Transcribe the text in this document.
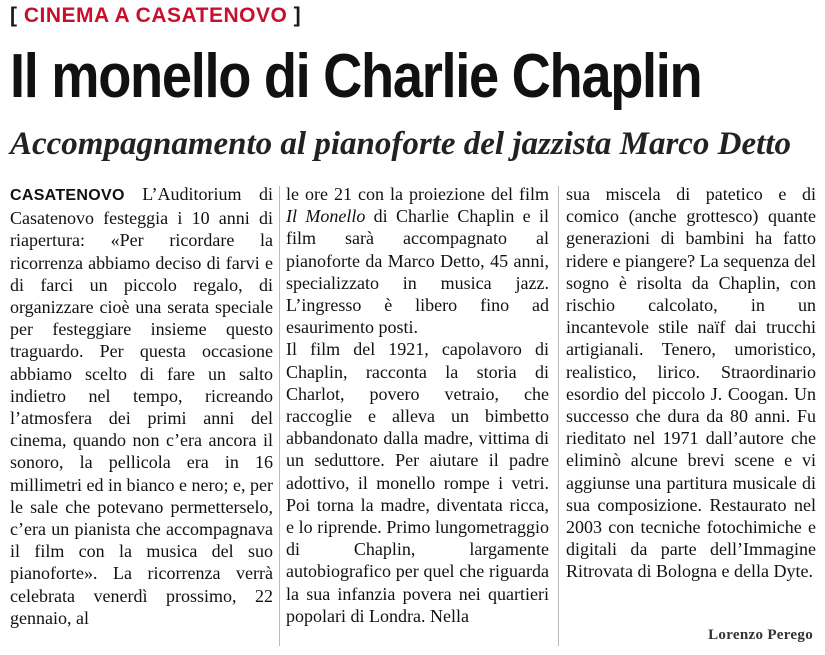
[ CINEMA A CASATENOVO ]
Il monello di Charlie Chaplin
Accompagnamento al pianoforte del jazzista Marco Detto

CASATENOVO L’Auditorium di Casatenovo festeggia i 10 anni di riapertura: «Per ricordare la ricorrenza abbiamo deciso di farvi e di farci un piccolo regalo, di organizzare cioè una serata speciale per festeggiare insieme questo traguardo. Per questa occasione abbiamo scelto di fare un salto indietro nel tempo, ricreando l’atmosfera dei primi anni del cinema, quando non c’era ancora il sonoro, la pellicola era in 16 millimetri ed in bianco e nero; e, per le sale che potevano permetterselo, c’era un pianista che accompagnava il film con la musica del suo pianoforte». La ricorrenza verrà celebrata venerdì prossimo, 22 gennaio, al

le ore 21 con la proiezione del film Il Monello di Charlie Chaplin e il film sarà accompagnato al pianoforte da Marco Detto, 45 anni, specializzato in musica jazz. L’ingresso è libero fino ad esaurimento posti.

Il film del 1921, capolavoro di Chaplin, racconta la storia di Charlot, povero vetraio, che raccoglie e alleva un bimbetto abbandonato dalla madre, vittima di un seduttore. Per aiutare il padre adottivo, il monello rompe i vetri. Poi torna la madre, diventata ricca, e lo riprende. Primo lungometraggio di Chaplin, largamente autobiografico per quel che riguarda la sua infanzia povera nei quartieri popolari di Londra. Nella

sua miscela di patetico e di comico (anche grottesco) quante generazioni di bambini ha fatto ridere e piangere? La sequenza del sogno è risolta da Chaplin, con rischio calcolato, in un incantevole stile naïf dai trucchi artigianali. Tenero, umoristico, realistico, lirico. Straordinario esordio del piccolo J. Coogan. Un successo che dura da 80 anni. Fu rieditato nel 1971 dall’autore che eliminò alcune brevi scene e vi aggiunse una partitura musicale di sua composizione. Restaurato nel 2003 con tecniche fotochimiche e digitali da parte dell’Immagine Ritrovata di Bologna e della Dyte.

Lorenzo Perego
